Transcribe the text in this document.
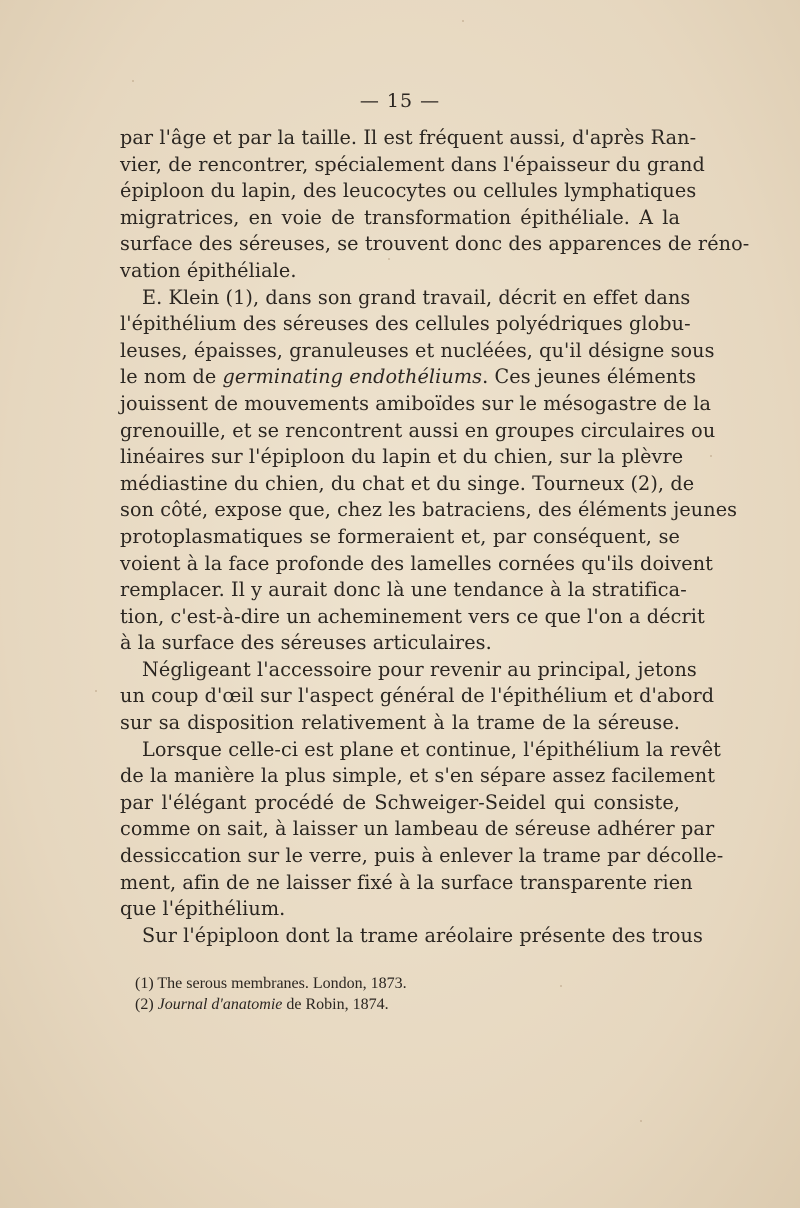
— 15 —
par l'âge et par la taille. Il est fréquent aussi, d'après Ran-
vier, de rencontrer, spécialement dans l'épaisseur du grand
épiploon du lapin, des leucocytes ou cellules lymphatiques
migratrices, en voie de transformation épithéliale. A la
surface des séreuses, se trouvent donc des apparences de réno-
vation épithéliale.
E. Klein (1), dans son grand travail, décrit en effet dans
l'épithélium des séreuses des cellules polyédriques globu-
leuses, épaisses, granuleuses et nucléées, qu'il désigne sous
le nom de germinating endothéliums. Ces jeunes éléments
jouissent de mouvements amiboïdes sur le mésogastre de la
grenouille, et se rencontrent aussi en groupes circulaires ou
linéaires sur l'épiploon du lapin et du chien, sur la plèvre
médiastine du chien, du chat et du singe. Tourneux (2), de
son côté, expose que, chez les batraciens, des éléments jeunes
protoplasmatiques se formeraient et, par conséquent, se
voient à la face profonde des lamelles cornées qu'ils doivent
remplacer. Il y aurait donc là une tendance à la stratifica-
tion, c'est-à-dire un acheminement vers ce que l'on a décrit
à la surface des séreuses articulaires.
Négligeant l'accessoire pour revenir au principal, jetons
un coup d'œil sur l'aspect général de l'épithélium et d'abord
sur sa disposition relativement à la trame de la séreuse.
Lorsque celle-ci est plane et continue, l'épithélium la revêt
de la manière la plus simple, et s'en sépare assez facilement
par l'élégant procédé de Schweiger-Seidel qui consiste,
comme on sait, à laisser un lambeau de séreuse adhérer par
dessiccation sur le verre, puis à enlever la trame par décolle-
ment, afin de ne laisser fixé à la surface transparente rien
que l'épithélium.
Sur l'épiploon dont la trame aréolaire présente des trous
(1) The serous membranes. London, 1873.
(2) Journal d'anatomie de Robin, 1874.
